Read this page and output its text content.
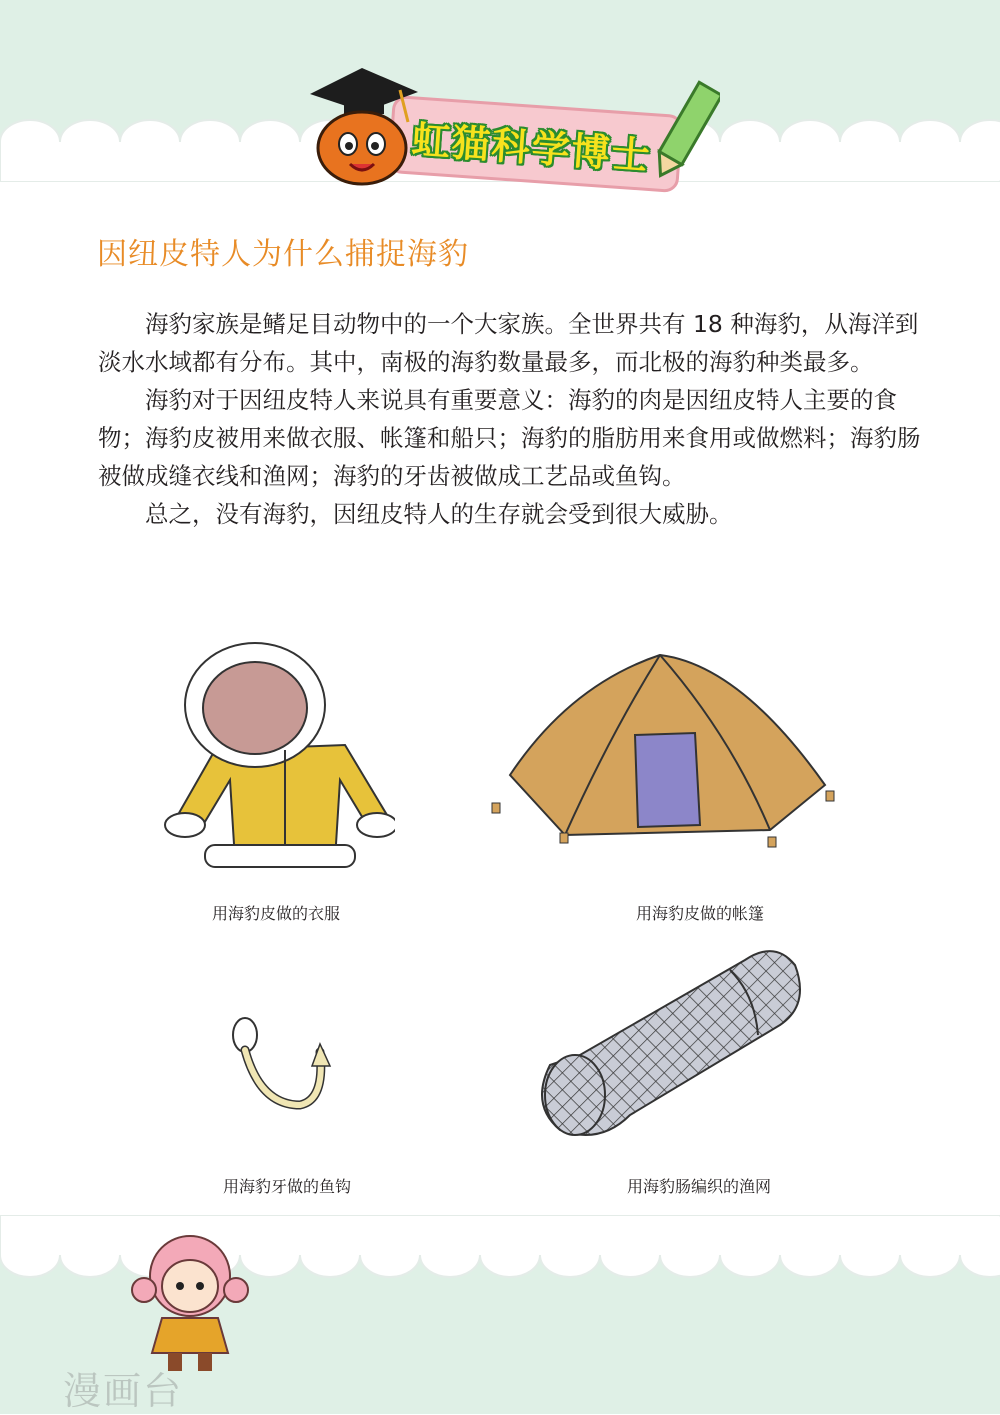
虹猫科学博士
因纽皮特人为什么捕捉海豹

海豹家族是鳍足目动物中的一个大家族。全世界共有 18 种海豹，从海洋到淡水水域都有分布。其中，南极的海豹数量最多，而北极的海豹种类最多。

海豹对于因纽皮特人来说具有重要意义：海豹的肉是因纽皮特人主要的食物；海豹皮被用来做衣服、帐篷和船只；海豹的脂肪用来食用或做燃料；海豹肠被做成缝衣线和渔网；海豹的牙齿被做成工艺品或鱼钩。

总之，没有海豹，因纽皮特人的生存就会受到很大威胁。

用海豹皮做的衣服	用海豹皮做的帐篷
用海豹牙做的鱼钩	用海豹肠编织的渔网
漫画台
